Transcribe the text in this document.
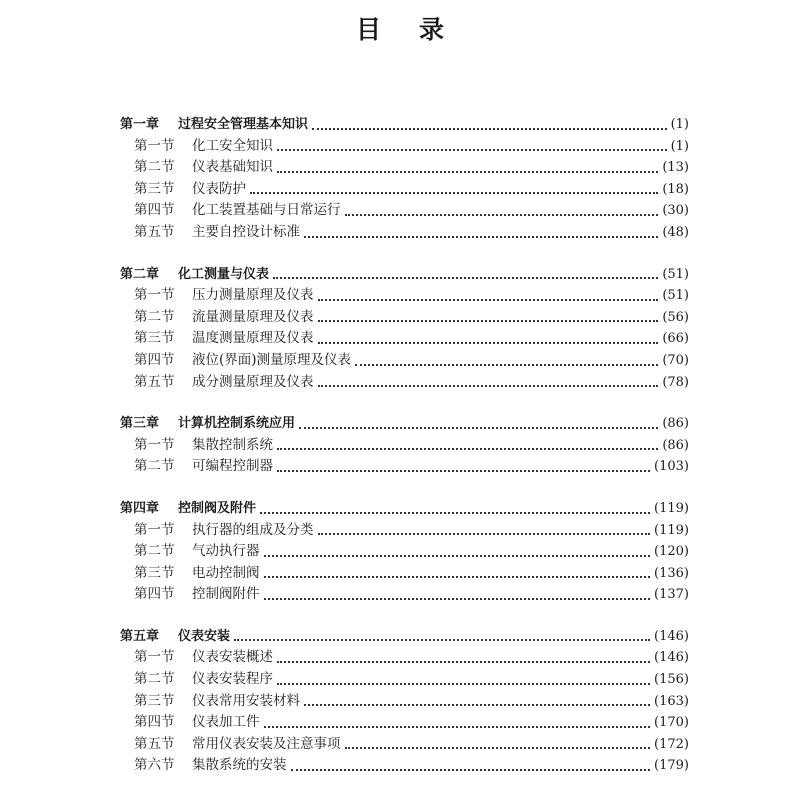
目 录
第一章	过程安全管理基本知识	(1)
第一节	化工安全知识	(1)
第二节	仪表基础知识	(13)
第三节	仪表防护	(18)
第四节	化工装置基础与日常运行	(30)
第五节	主要自控设计标准	(48)
第二章	化工测量与仪表	(51)
第一节	压力测量原理及仪表	(51)
第二节	流量测量原理及仪表	(56)
第三节	温度测量原理及仪表	(66)
第四节	液位(界面)测量原理及仪表	(70)
第五节	成分测量原理及仪表	(78)
第三章	计算机控制系统应用	(86)
第一节	集散控制系统	(86)
第二节	可编程控制器	(103)
第四章	控制阀及附件	(119)
第一节	执行器的组成及分类	(119)
第二节	气动执行器	(120)
第三节	电动控制阀	(136)
第四节	控制阀附件	(137)
第五章	仪表安装	(146)
第一节	仪表安装概述	(146)
第二节	仪表安装程序	(156)
第三节	仪表常用安装材料	(163)
第四节	仪表加工件	(170)
第五节	常用仪表安装及注意事项	(172)
第六节	集散系统的安装	(179)
